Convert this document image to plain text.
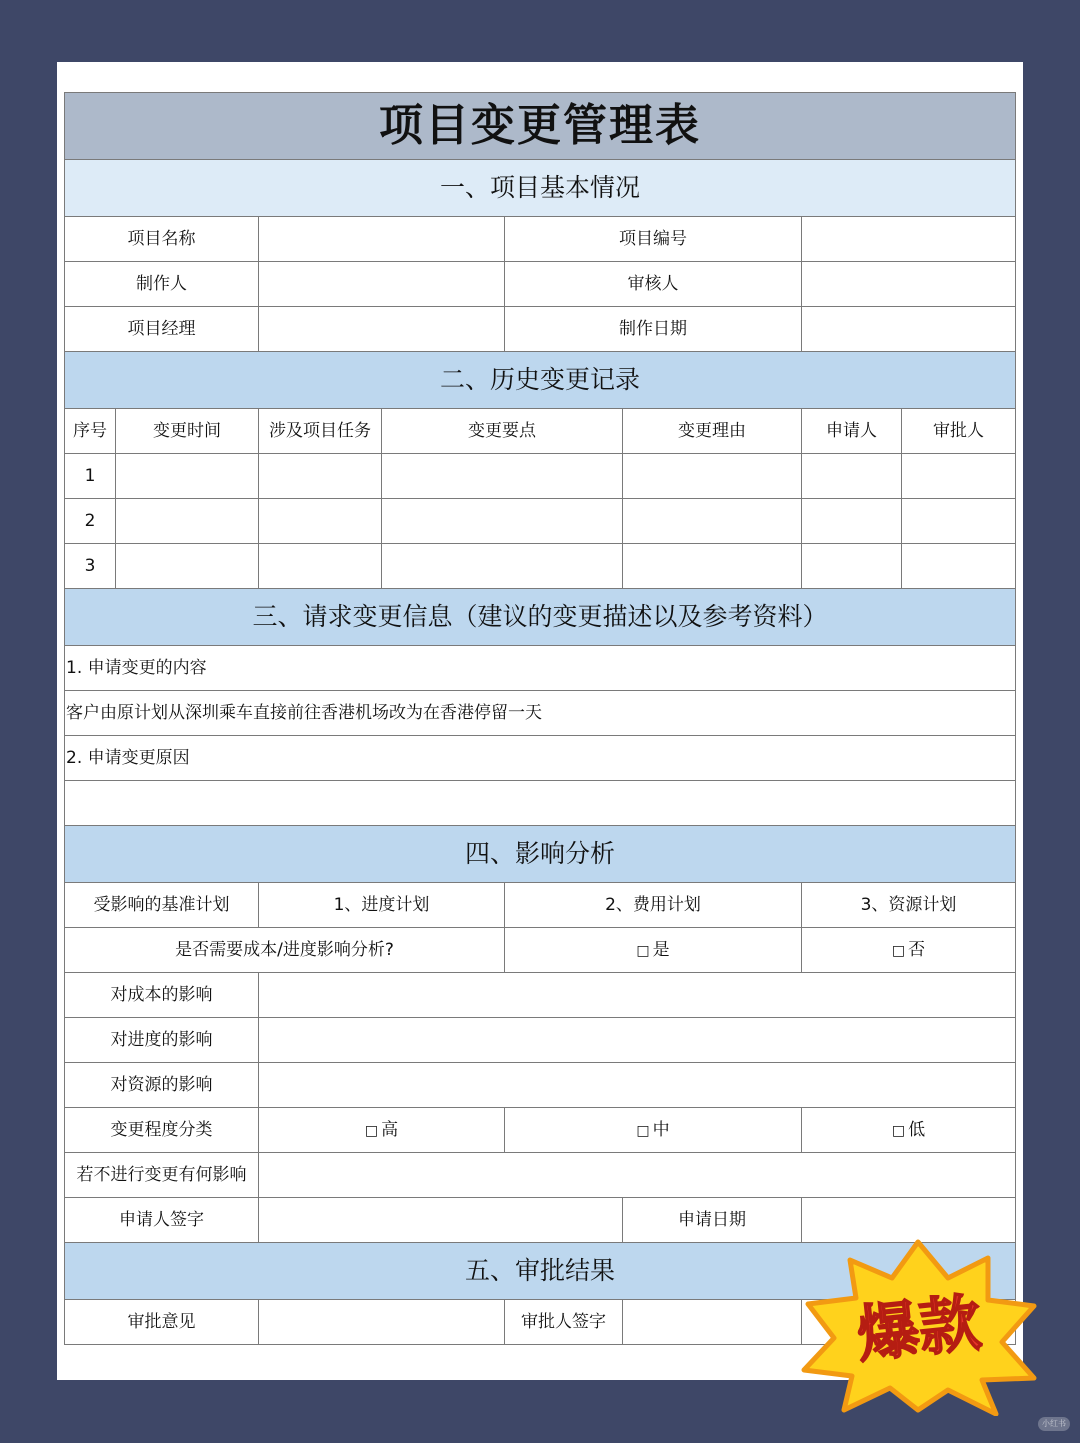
项目变更管理表							
一、项目基本情况							
项目名称				项目编号			
制作人				审核人			
项目经理				制作日期			
二、历史变更记录							
序号	变更时间	涉及项目任务	变更要点		变更理由	申请人	审批人
1							
2							
3							
三、请求变更信息（建议的变更描述以及参考资料）							
1. 申请变更的内容							
客户由原计划从深圳乘车直接前往香港机场改为在香港停留一天							
2. 申请变更原因							

四、影响分析							
受影响的基准计划		1、进度计划		2、费用计划		3、资源计划	
是否需要成本/进度影响分析?				□ 是		□ 否	
对成本的影响							
对进度的影响							
对资源的影响							
变更程度分类		□ 高		□ 中		□ 低	
若不进行变更有何影响							
申请人签字					申请日期		
五、审批结果							
审批意见				审批人签字				爆款
小红书
